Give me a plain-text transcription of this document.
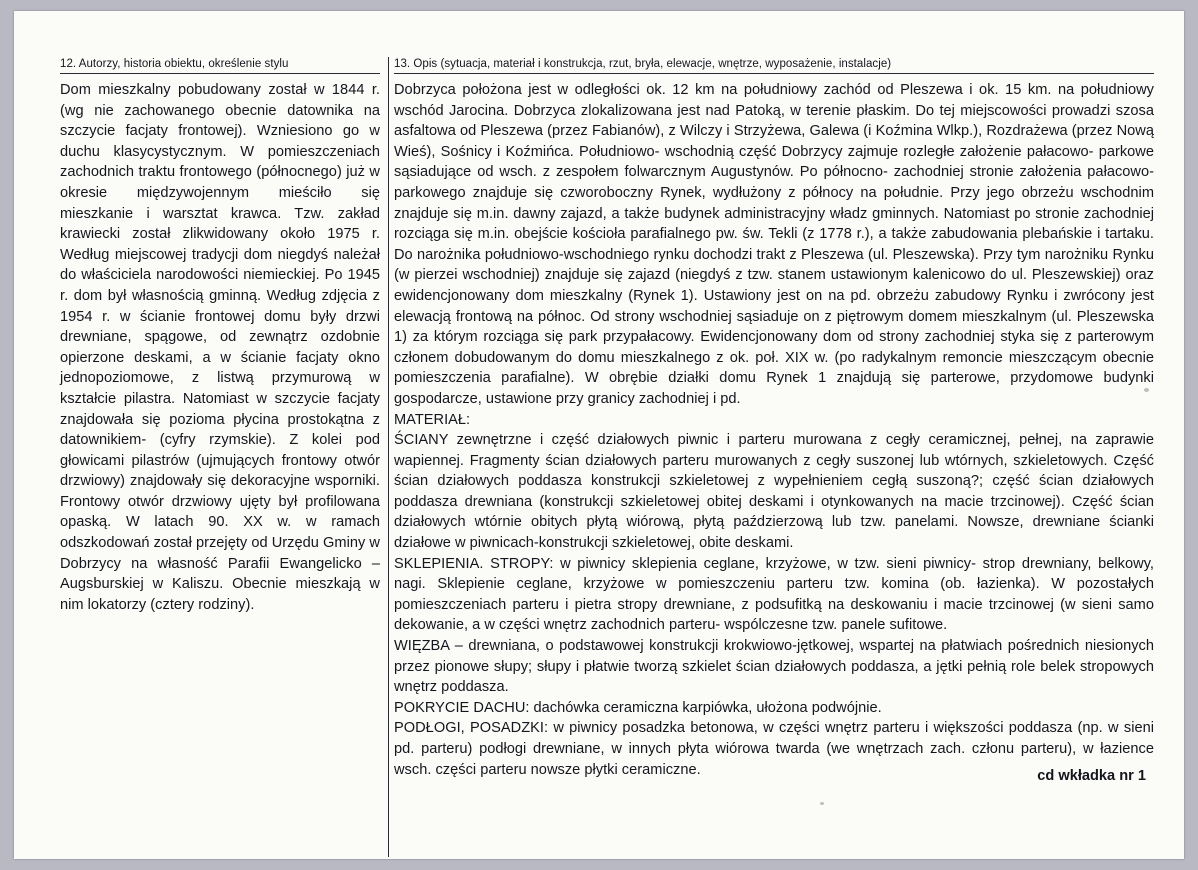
12. Autorzy, historia obiektu, określenie stylu

Dom mieszkalny pobudowany został w 1844 r. (wg nie zachowanego obecnie datownika na szczycie facjaty frontowej). Wzniesiono go w duchu klasycystycznym. W pomieszczeniach zachodnich traktu frontowego (północnego) już w okresie międzywojennym mieściło się mieszkanie i warsztat krawca. Tzw. zakład krawiecki został zlikwidowany około 1975 r. Według miejscowej tradycji dom niegdyś należał do właściciela narodowości niemieckiej. Po 1945 r. dom był własnością gminną. Według zdjęcia z 1954 r. w ścianie frontowej domu były drzwi drewniane, spągowe, od zewnątrz ozdobnie opierzone deskami, a w ścianie facjaty okno jednopoziomowe, z listwą przymurową w kształcie pilastra. Natomiast w szczycie facjaty znajdowała się pozioma płycina prostokątna z datownikiem- (cyfry rzymskie). Z kolei pod głowicami pilastrów (ujmujących frontowy otwór drzwiowy) znajdowały się dekoracyjne wsporniki. Frontowy otwór drzwiowy ujęty był profilowana opaską. W latach 90. XX w. w ramach odszkodowań został przejęty od Urzędu Gminy w Dobrzycy na własność Parafii Ewangelicko – Augsburskiej w Kaliszu. Obecnie mieszkają w nim lokatorzy (cztery rodziny).

13. Opis (sytuacja, materiał i konstrukcja, rzut, bryła, elewacje, wnętrze, wyposażenie, instalacje)

Dobrzyca położona jest w odległości ok. 12 km na południowy zachód od Pleszewa i ok. 15 km. na południowy wschód Jarocina. Dobrzyca zlokalizowana jest nad Patoką, w terenie płaskim. Do tej miejscowości prowadzi szosa asfaltowa od Pleszewa (przez Fabianów), z Wilczy i Strzyżewa, Galewa (i Koźmina Wlkp.), Rozdrażewa (przez Nową Wieś), Sośnicy i Koźmińca. Południowo- wschodnią część Dobrzycy zajmuje rozległe założenie pałacowo- parkowe sąsiadujące od wsch. z zespołem folwarcznym Augustynów. Po północno- zachodniej stronie założenia pałacowo-parkowego znajduje się czworoboczny Rynek, wydłużony z północy na południe. Przy jego obrzeżu wschodnim znajduje się m.in. dawny zajazd, a także budynek administracyjny władz gminnych. Natomiast po stronie zachodniej rozciąga się m.in. obejście kościoła parafialnego pw. św. Tekli (z 1778 r.), a także zabudowania plebańskie i tartaku. Do narożnika południowo-wschodniego rynku dochodzi trakt z Pleszewa (ul. Pleszewska). Przy tym narożniku Rynku (w pierzei wschodniej) znajduje się zajazd (niegdyś z tzw. stanem ustawionym kalenicowo do ul. Pleszewskiej) oraz ewidencjonowany dom mieszkalny (Rynek 1). Ustawiony jest on na pd. obrzeżu zabudowy Rynku i zwrócony jest elewacją frontową na północ. Od strony wschodniej sąsiaduje on z piętrowym domem mieszkalnym (ul. Pleszewska 1) za którym rozciąga się park przypałacowy. Ewidencjonowany dom od strony zachodniej styka się z parterowym członem dobudowanym do domu mieszkalnego z ok. poł. XIX w. (po radykalnym remoncie mieszczącym obecnie pomieszczenia parafialne). W obrębie działki domu Rynek 1 znajdują się parterowe, przydomowe budynki gospodarcze, ustawione przy granicy zachodniej i pd.

MATERIAŁ:

ŚCIANY zewnętrzne i część działowych piwnic i parteru murowana z cegły ceramicznej, pełnej, na zaprawie wapiennej. Fragmenty ścian działowych parteru murowanych z cegły suszonej lub wtórnych, szkieletowych. Część ścian działowych poddasza konstrukcji szkieletowej z wypełnieniem cegłą suszoną?; część ścian działowych poddasza drewniana (konstrukcji szkieletowej obitej deskami i otynkowanych na macie trzcinowej). Część ścian działowych wtórnie obitych płytą wiórową, płytą paździerzową lub tzw. panelami. Nowsze, drewniane ścianki działowe w piwnicach-konstrukcji szkieletowej, obite deskami.

SKLEPIENIA. STROPY: w piwnicy sklepienia ceglane, krzyżowe, w tzw. sieni piwnicy- strop drewniany, belkowy, nagi. Sklepienie ceglane, krzyżowe w pomieszczeniu parteru tzw. komina (ob. łazienka). W pozostałych pomieszczeniach parteru i pietra stropy drewniane, z podsufitką na deskowaniu i macie trzcinowej (w sieni samo dekowanie, a w części wnętrz zachodnich parteru- wspólczesne tzw. panele sufitowe.

WIĘZBA – drewniana, o podstawowej konstrukcji krokwiowo-jętkowej, wspartej na płatwiach pośrednich niesionych przez pionowe słupy; słupy i płatwie tworzą szkielet ścian działowych poddasza, a jętki pełnią role belek stropowych wnętrz poddasza.

POKRYCIE DACHU: dachówka ceramiczna karpiówka, ułożona podwójnie.

PODŁOGI, POSADZKI: w piwnicy posadzka betonowa, w części wnętrz parteru i większości poddasza (np. w sieni pd. parteru) podłogi drewniane, w innych płyta wiórowa twarda (we wnętrzach zach. członu parteru), w łazience wsch. części parteru nowsze płytki ceramiczne.	cd wkładka nr 1
